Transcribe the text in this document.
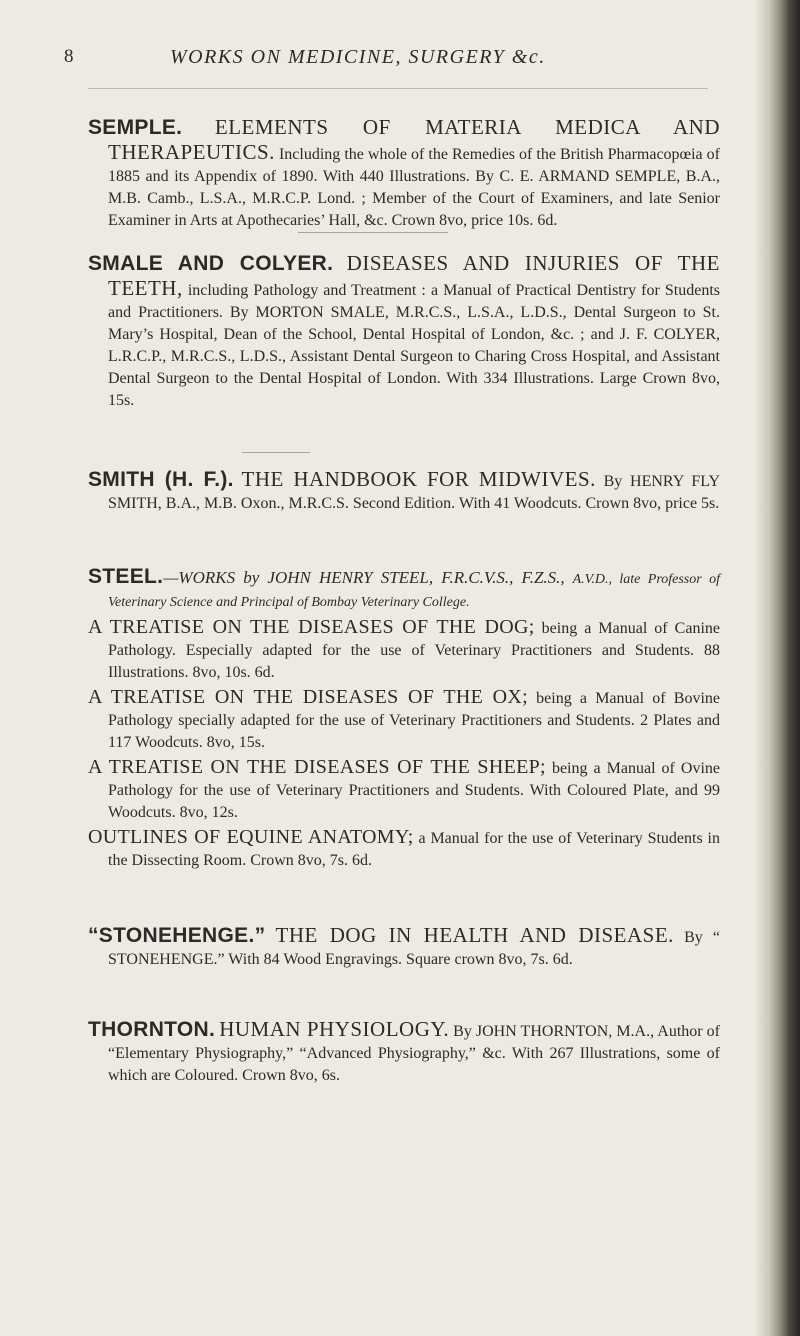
8	WORKS ON MEDICINE, SURGERY &c.

SEMPLE. ELEMENTS OF MATERIA MEDICA AND THERAPEUTICS. Including the whole of the Remedies of the British Pharmacopœia of 1885 and its Appendix of 1890. With 440 Illustrations. By C. E. ARMAND SEMPLE, B.A., M.B. Camb., L.S.A., M.R.C.P. Lond. ; Member of the Court of Examiners, and late Senior Examiner in Arts at Apothecaries’ Hall, &c. Crown 8vo, price 10s. 6d.

SMALE AND COLYER. DISEASES AND INJURIES OF THE TEETH, including Pathology and Treatment : a Manual of Practical Dentistry for Students and Practitioners. By MORTON SMALE, M.R.C.S., L.S.A., L.D.S., Dental Surgeon to St. Mary’s Hospital, Dean of the School, Dental Hospital of London, &c. ; and J. F. COLYER, L.R.C.P., M.R.C.S., L.D.S., Assistant Dental Surgeon to Charing Cross Hospital, and Assistant Dental Surgeon to the Dental Hospital of London. With 334 Illustrations. Large Crown 8vo, 15s.

SMITH (H. F.). THE HANDBOOK FOR MIDWIVES. By HENRY FLY SMITH, B.A., M.B. Oxon., M.R.C.S. Second Edition. With 41 Woodcuts. Crown 8vo, price 5s.

STEEL.—WORKS by JOHN HENRY STEEL, F.R.C.V.S., F.Z.S., A.V.D., late Professor of Veterinary Science and Principal of Bombay Veterinary College.

A TREATISE ON THE DISEASES OF THE DOG; being a Manual of Canine Pathology. Especially adapted for the use of Veterinary Practitioners and Students. 88 Illustrations. 8vo, 10s. 6d.

A TREATISE ON THE DISEASES OF THE OX; being a Manual of Bovine Pathology specially adapted for the use of Veterinary Practitioners and Students. 2 Plates and 117 Woodcuts. 8vo, 15s.

A TREATISE ON THE DISEASES OF THE SHEEP; being a Manual of Ovine Pathology for the use of Veterinary Practitioners and Students. With Coloured Plate, and 99 Woodcuts. 8vo, 12s.

OUTLINES OF EQUINE ANATOMY; a Manual for the use of Veterinary Students in the Dissecting Room. Crown 8vo, 7s. 6d.

“STONEHENGE.” THE DOG IN HEALTH AND DISEASE. By “ STONEHENGE.” With 84 Wood Engravings. Square crown 8vo, 7s. 6d.

THORNTON. HUMAN PHYSIOLOGY. By JOHN THORNTON, M.A., Author of “Elementary Physiography,” “Advanced Physiography,” &c. With 267 Illustrations, some of which are Coloured. Crown 8vo, 6s.
